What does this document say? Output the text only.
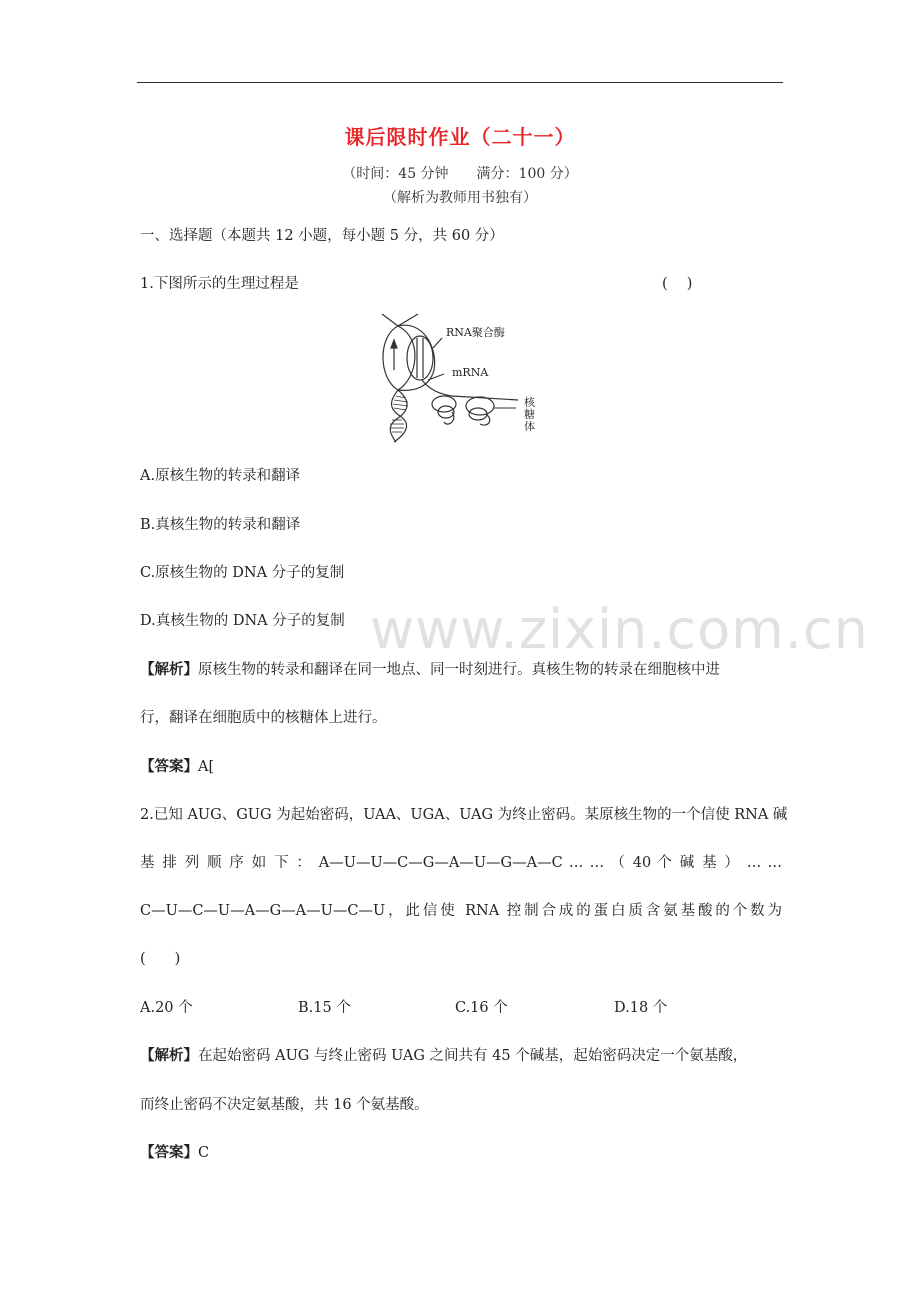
课后限时作业（二十一）
（时间：45 分钟　　满分：100 分）
（解析为教师用书独有）
一、选择题（本题共 12 小题，每小题 5 分，共 60 分）
1.下图所示的生理过程是	(　 )
RNA聚合酶
mRNA
核
糖
体
A.原核生物的转录和翻译
B.真核生物的转录和翻译
C.原核生物的 DNA 分子的复制
D.真核生物的 DNA 分子的复制
【解析】原核生物的转录和翻译在同一地点、同一时刻进行。真核生物的转录在细胞核中进
行，翻译在细胞质中的核糖体上进行。
【答案】A[
2.已知 AUG、GUG 为起始密码，UAA、UGA、UAG 为终止密码。某原核生物的一个信使 RNA 碱
基 排 列 顺 序 如 下 ： A—U—U—C—G—A—U—G—A—C … … （ 40 个 碱 基 ） … …
C—U—C—U—A—G—A—U—C—U，此信使 RNA 控制合成的蛋白质含氨基酸的个数为
(　　)
A.20 个	B.15 个	C.16 个	D.18 个
【解析】在起始密码 AUG 与终止密码 UAG 之间共有 45 个碱基，起始密码决定一个氨基酸，
而终止密码不决定氨基酸，共 16 个氨基酸。
【答案】C
www.zixin.com.cn
